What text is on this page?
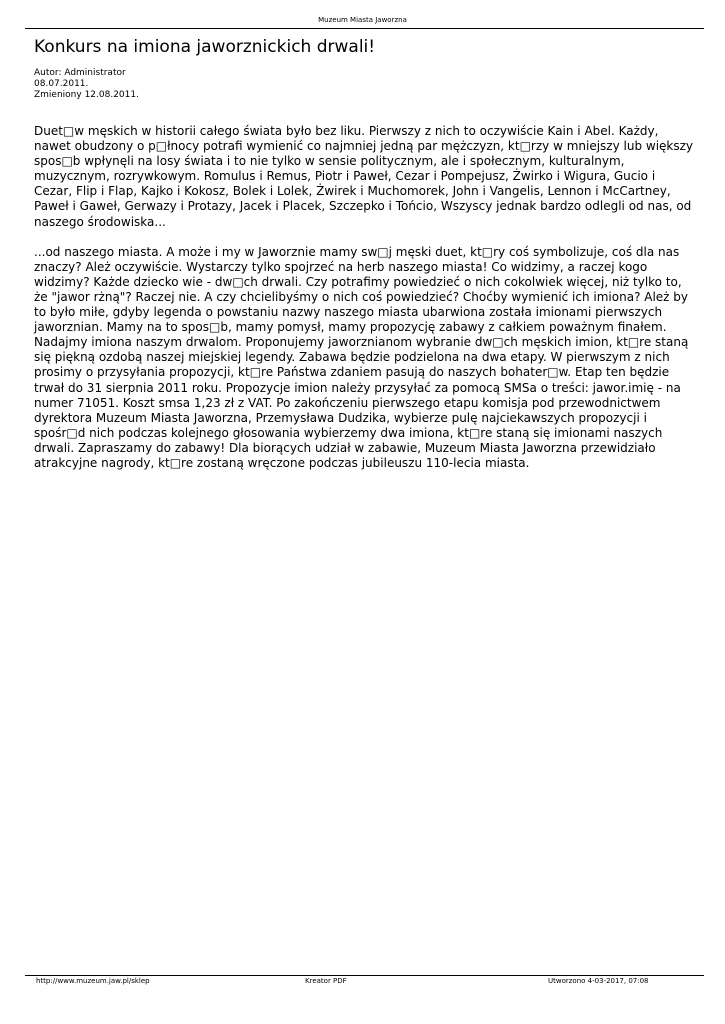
Muzeum Miasta Jaworzna
Konkurs na imiona jaworznickich drwali!
Autor: Administrator
08.07.2011.
Zmieniony 12.08.2011.

Duet□w męskich w historii całego świata było bez liku. Pierwszy z nich to oczywiście Kain i Abel. Każdy, nawet obudzony o p□łnocy potrafi wymienić co najmniej jedną par mężczyzn, kt□rzy w mniejszy lub większy spos□b wpłynęli na losy świata i to nie tylko w sensie politycznym, ale i społecznym, kulturalnym, muzycznym, rozrywkowym. Romulus i Remus, Piotr i Paweł, Cezar i Pompejusz, Żwirko i Wigura, Gucio i Cezar, Flip i Flap, Kajko i Kokosz, Bolek i Lolek, Żwirek i Muchomorek, John i Vangelis, Lennon i McCartney, Paweł i Gaweł, Gerwazy i Protazy, Jacek i Placek, Szczepko i Tońcio, Wszyscy jednak bardzo odlegli od nas, od naszego środowiska...

...od naszego miasta. A może i my w Jaworznie mamy sw□j męski duet, kt□ry coś symbolizuje, coś dla nas znaczy? Ależ oczywiście. Wystarczy tylko spojrzeć na herb naszego miasta! Co widzimy, a raczej kogo widzimy? Każde dziecko wie - dw□ch drwali. Czy potrafimy powiedzieć o nich cokolwiek więcej, niż tylko to, że "jawor rżną"? Raczej nie. A czy chcielibyśmy o nich coś powiedzieć? Choćby wymienić ich imiona? Ależ by to było miłe, gdyby legenda o powstaniu nazwy naszego miasta ubarwiona została imionami pierwszych jaworznian. Mamy na to spos□b, mamy pomysł, mamy propozycję zabawy z całkiem poważnym finałem. Nadajmy imiona naszym drwalom. Proponujemy jaworznianom wybranie dw□ch męskich imion, kt□re staną się piękną ozdobą naszej miejskiej legendy. Zabawa będzie podzielona na dwa etapy. W pierwszym z nich prosimy o przysyłania propozycji, kt□re Państwa zdaniem pasują do naszych bohater□w. Etap ten będzie trwał do 31 sierpnia 2011 roku. Propozycje imion należy przysyłać za pomocą SMSa o treści: jawor.imię - na numer 71051. Koszt smsa 1,23 zł z VAT. Po zakończeniu pierwszego etapu komisja pod przewodnictwem dyrektora Muzeum Miasta Jaworzna, Przemysława Dudzika, wybierze pulę najciekawszych propozycji i spośr□d nich podczas kolejnego głosowania wybierzemy dwa imiona, kt□re staną się imionami naszych drwali. Zapraszamy do zabawy! Dla biorących udział w zabawie, Muzeum Miasta Jaworzna przewidziało atrakcyjne nagrody, kt□re zostaną wręczone podczas jubileuszu 110-lecia miasta.

http://www.muzeum.jaw.pl/sklep	Kreator PDF	Utworzono 4-03-2017, 07:08
